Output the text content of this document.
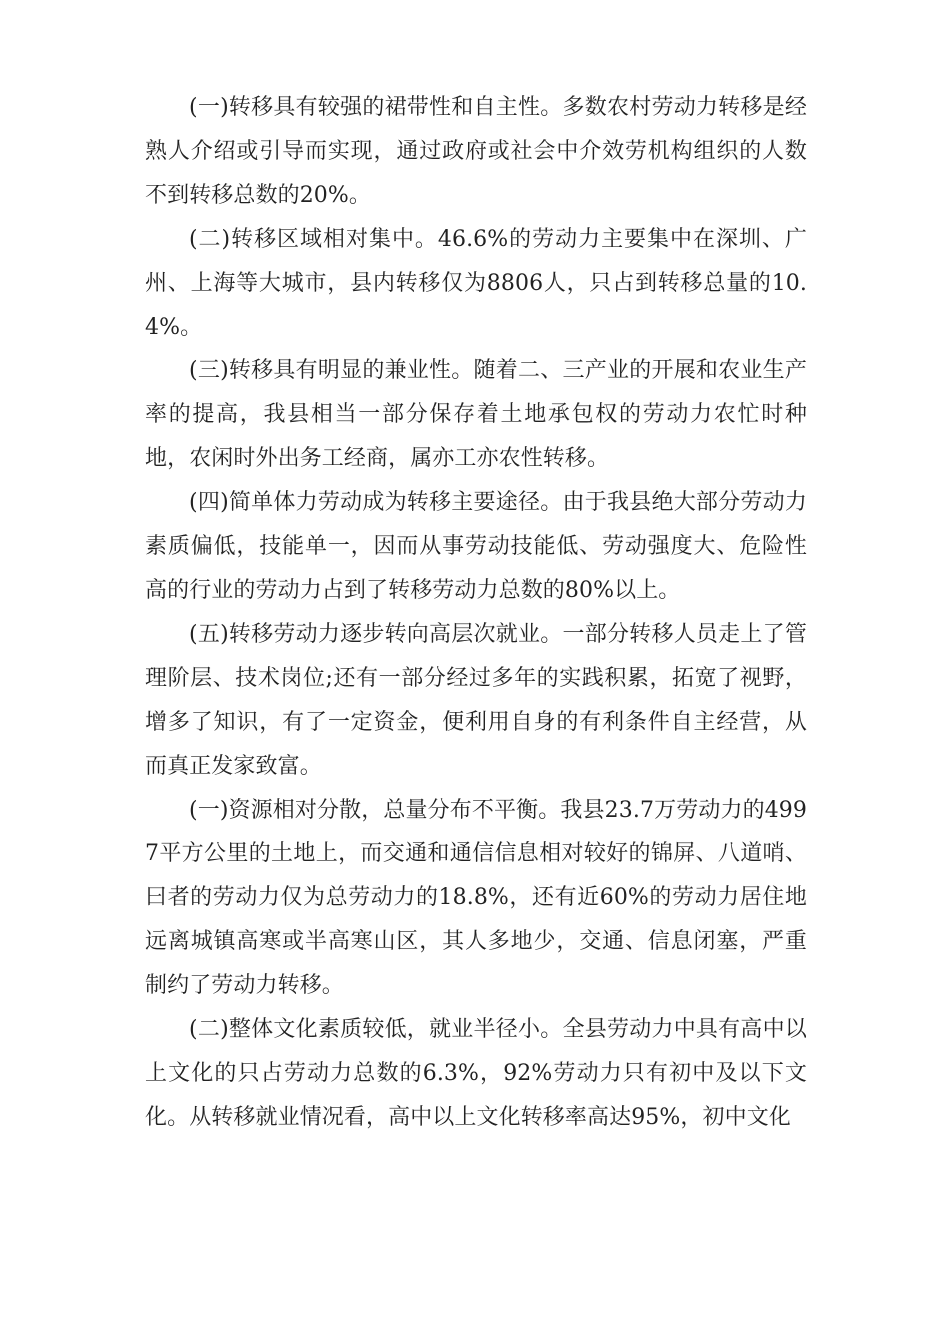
(一)转移具有较强的裙带性和自主性。多数农村劳动力转移是经熟人介绍或引导而实现，通过政府或社会中介效劳机构组织的人数不到转移总数的20%。

(二)转移区域相对集中。46.6%的劳动力主要集中在深圳、广州、上海等大城市，县内转移仅为8806人，只占到转移总量的10.4%。

(三)转移具有明显的兼业性。随着二、三产业的开展和农业生产率的提高，我县相当一部分保存着土地承包权的劳动力农忙时种地，农闲时外出务工经商，属亦工亦农性转移。

(四)简单体力劳动成为转移主要途径。由于我县绝大部分劳动力素质偏低，技能单一，因而从事劳动技能低、劳动强度大、危险性高的行业的劳动力占到了转移劳动力总数的80%以上。

(五)转移劳动力逐步转向高层次就业。一部分转移人员走上了管理阶层、技术岗位;还有一部分经过多年的实践积累，拓宽了视野，增多了知识，有了一定资金，便利用自身的有利条件自主经营，从而真正发家致富。

(一)资源相对分散，总量分布不平衡。我县23.7万劳动力的4997平方公里的土地上，而交通和通信信息相对较好的锦屏、八道哨、曰者的劳动力仅为总劳动力的18.8%，还有近60%的劳动力居住地远离城镇高寒或半高寒山区，其人多地少，交通、信息闭塞，严重制约了劳动力转移。

(二)整体文化素质较低，就业半径小。全县劳动力中具有高中以上文化的只占劳动力总数的6.3%，92%劳动力只有初中及以下文化。从转移就业情况看，高中以上文化转移率高达95%，初中文化
